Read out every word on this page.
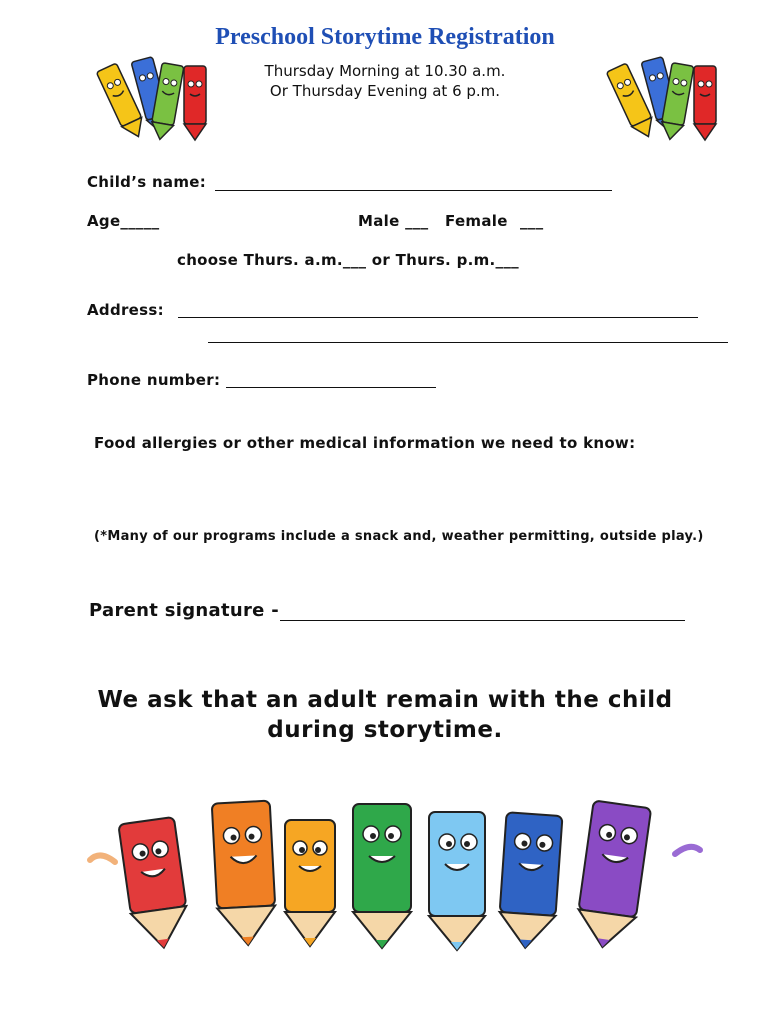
Preschool Storytime Registration
Thursday Morning at 10.30 a.m.
Or Thursday Evening at 6 p.m.
Child’s name:
Age_____	Male ___ Female ___
choose Thurs. a.m.___ or Thurs. p.m.___
Address:
Phone number:
Food allergies or other medical information we need to know:
(*Many of our programs include a snack and, weather permitting, outside play.)
Parent signature -
We ask that an adult remain with the child
during storytime.
